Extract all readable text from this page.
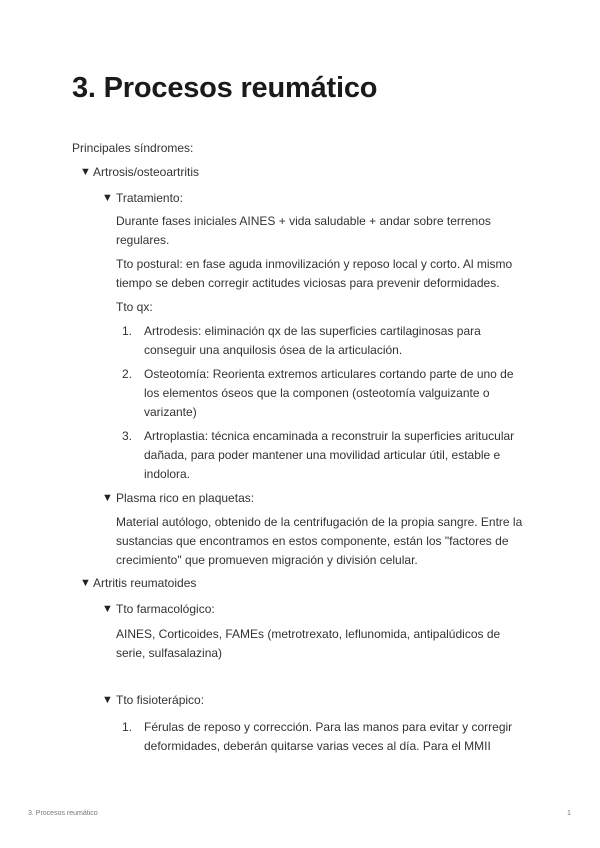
3. Procesos reumático
Principales síndromes:
▼ Artrosis/osteoartritis
▼ Tratamiento:
Durante fases iniciales AINES + vida saludable + andar sobre terrenos regulares.
Tto postural: en fase aguda inmovilización y reposo local y corto. Al mismo tiempo se deben corregir actitudes viciosas para prevenir deformidades.
Tto qx:
1. Artrodesis: eliminación qx de las superficies cartilaginosas para conseguir una anquilosis ósea de la articulación.
2. Osteotomía: Reorienta extremos articulares cortando parte de uno de los elementos óseos que la componen (osteotomía valguizante o varizante)
3. Artroplastia: técnica encaminada a reconstruir la superficies aritucular dañada, para poder mantener una movilidad articular útil, estable e indolora.
▼ Plasma rico en plaquetas:
Material autólogo, obtenido de la centrifugación de la propia sangre. Entre la sustancias que encontramos en estos componente, están los "factores de crecimiento" que promueven migración y división celular.
▼ Artritis reumatoides
▼ Tto farmacológico:
AINES, Corticoides, FAMEs (metrotrexato, leflunomida, antipalúdicos de serie, sulfasalazina)
▼ Tto fisioterápico:
1. Férulas de reposo y corrección. Para las manos para evitar y corregir deformidades, deberán quitarse varias veces al día. Para el MMII
3. Procesos reumático	1
